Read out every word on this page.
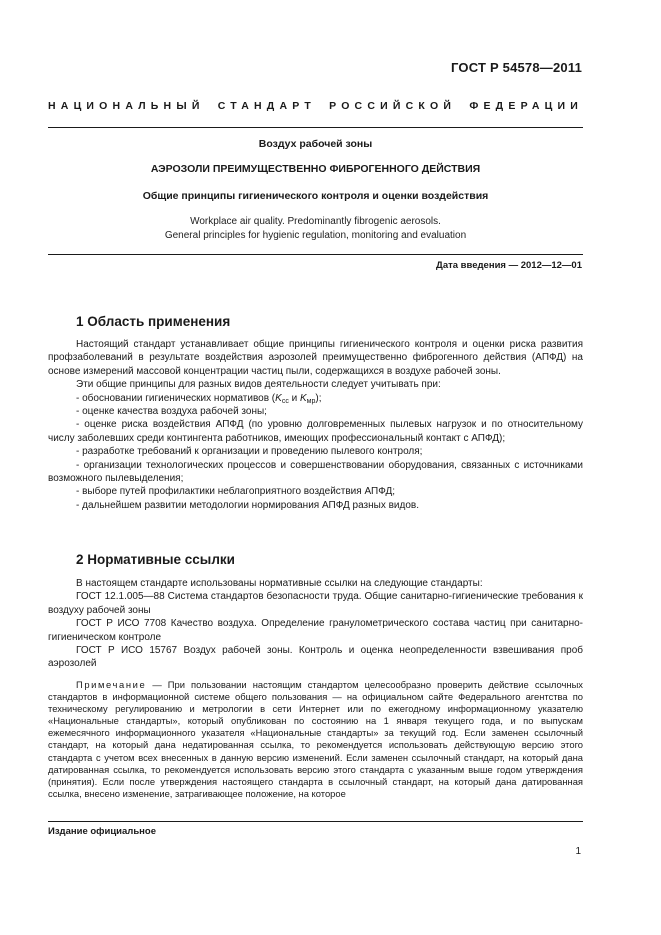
ГОСТ Р 54578—2011
НАЦИОНАЛЬНЫЙ СТАНДАРТ РОССИЙСКОЙ ФЕДЕРАЦИИ
Воздух рабочей зоны
АЭРОЗОЛИ ПРЕИМУЩЕСТВЕННО ФИБРОГЕННОГО ДЕЙСТВИЯ
Общие принципы гигиенического контроля и оценки воздействия
Workplace air quality. Predominantly fibrogenic aerosols.
General principles for hygienic regulation, monitoring and evaluation
Дата введения — 2012—12—01
1 Область применения

Настоящий стандарт устанавливает общие принципы гигиенического контроля и оценки риска развития профзаболеваний в результате воздействия аэрозолей преимущественно фиброгенного действия (АПФД) на основе измерений массовой концентрации частиц пыли, содержащихся в воздухе рабочей зоны.

Эти общие принципы для разных видов деятельности следует учитывать при:

- обосновании гигиенических нормативов ($K_{сс}$ и $K_{мр}$);

- оценке качества воздуха рабочей зоны;

- оценке риска воздействия АПФД (по уровню долговременных пылевых нагрузок и по относительному числу заболевших среди контингента работников, имеющих профессиональный контакт с АПФД);

- разработке требований к организации и проведению пылевого контроля;

- организации технологических процессов и совершенствовании оборудования, связанных с источниками возможного пылевыделения;

- выборе путей профилактики неблагоприятного воздействия АПФД;

- дальнейшем развитии методологии нормирования АПФД разных видов.

2 Нормативные ссылки

В настоящем стандарте использованы нормативные ссылки на следующие стандарты:

ГОСТ 12.1.005—88 Система стандартов безопасности труда. Общие санитарно-гигиенические требования к воздуху рабочей зоны

ГОСТ Р ИСО 7708 Качество воздуха. Определение гранулометрического состава частиц при санитарно-гигиеническом контроле

ГОСТ Р ИСО 15767 Воздух рабочей зоны. Контроль и оценка неопределенности взвешивания проб аэрозолей

Примечание — При пользовании настоящим стандартом целесообразно проверить действие ссылочных стандартов в информационной системе общего пользования — на официальном сайте Федерального агентства по техническому регулированию и метрологии в сети Интернет или по ежегодному информационному указателю «Национальные стандарты», который опубликован по состоянию на 1 января текущего года, и по выпускам ежемесячного информационного указателя «Национальные стандарты» за текущий год. Если заменен ссылочный стандарт, на который дана недатированная ссылка, то рекомендуется использовать действующую версию этого стандарта с учетом всех внесенных в данную версию изменений. Если заменен ссылочный стандарт, на который дана датированная ссылка, то рекомендуется использовать версию этого стандарта с указанным выше годом утверждения (принятия). Если после утверждения настоящего стандарта в ссылочный стандарт, на который дана датированная ссылка, внесено изменение, затрагивающее положение, на которое

Издание официальное
1
